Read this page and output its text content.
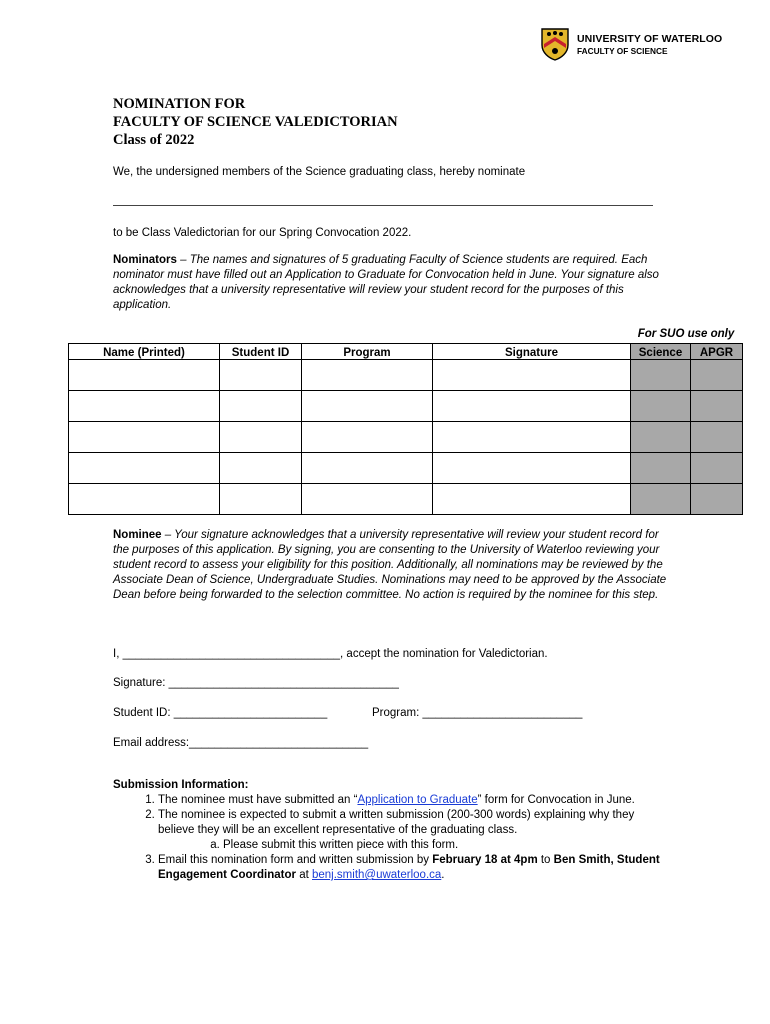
UNIVERSITY OF WATERLOO
FACULTY OF SCIENCE
NOMINATION FOR
FACULTY OF SCIENCE VALEDICTORIAN
Class of 2022
We, the undersigned members of the Science graduating class, hereby nominate
to be Class Valedictorian for our Spring Convocation 2022.
Nominators – The names and signatures of 5 graduating Faculty of Science students are required. Each nominator must have filled out an Application to Graduate for Convocation held in June. Your signature also acknowledges that a university representative will review your student record for the purposes of this application.
For SUO use only
Name (Printed)	Student ID	Program	Signature	Science	APGR

Nominee – Your signature acknowledges that a university representative will review your student record for the purposes of this application. By signing, you are consenting to the University of Waterloo reviewing your student record to assess your eligibility for this position. Additionally, all nominations may be reviewed by the Associate Dean of Science, Undergraduate Studies. Nominations may need to be approved by the Associate Dean before being forwarded to the selection committee. No action is required by the nominee for this step.
I, __________________________________, accept the nomination for Valedictorian.
Signature: ____________________________________
Student ID: ________________________	Program: _________________________
Email address:____________________________
Submission Information:
1. The nominee must have submitted an “Application to Graduate” form for Convocation in June.
2. The nominee is expected to submit a written submission (200-300 words) explaining why they believe they will be an excellent representative of the graduating class.
a. Please submit this written piece with this form.
3. Email this nomination form and written submission by February 18 at 4pm to Ben Smith, Student Engagement Coordinator at benj.smith@uwaterloo.ca.
